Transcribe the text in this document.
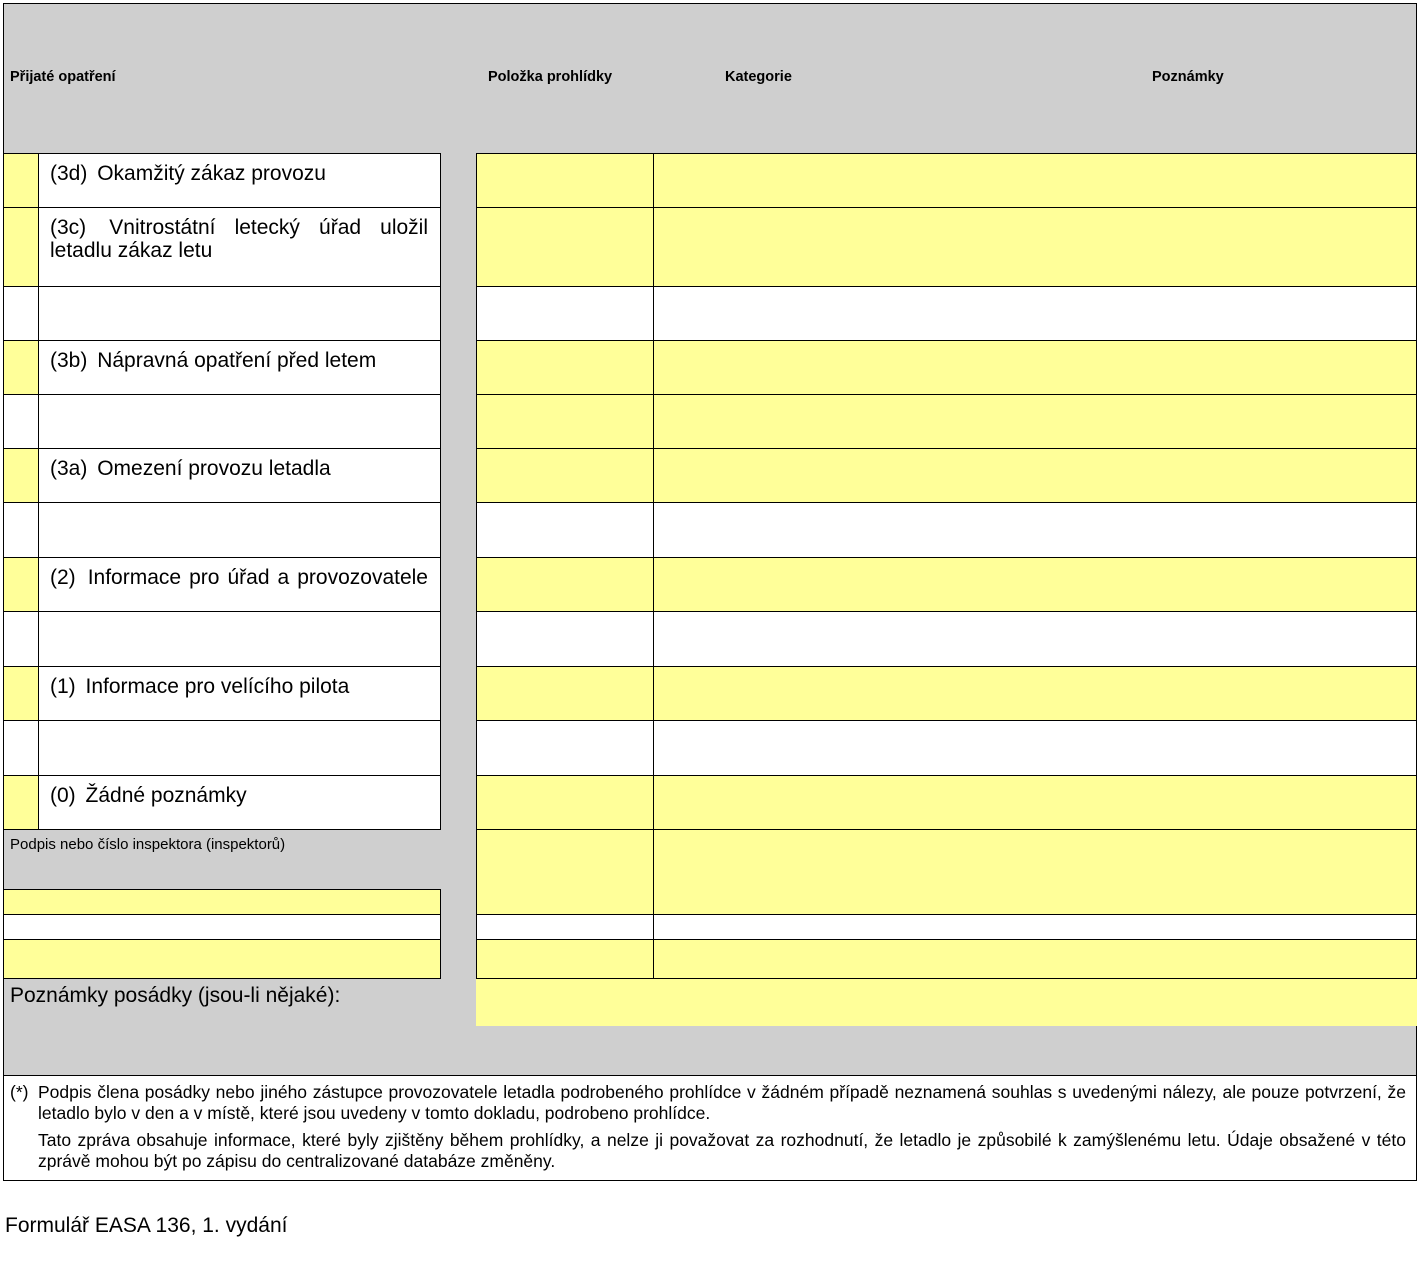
Přijaté opatření	Položka prohlídky	Kategorie	Poznámky
(3d) Okamžitý zákaz provozu
(3c) Vnitrostátní letecký úřad uložil letadlu zákaz letu
(3b) Nápravná opatření před letem
(3a) Omezení provozu letadla
(2) Informace pro úřad a provozovatele
(1) Informace pro velícího pilota
(0) Žádné poznámky
Podpis nebo číslo inspektora (inspektorů)
Poznámky posádky (jsou-li nějaké):
(*) Podpis člena posádky nebo jiného zástupce provozovatele letadla podrobeného prohlídce v žádném případě neznamená souhlas s uvedenými nálezy, ale pouze potvrzení, že letadlo bylo v den a v místě, které jsou uvedeny v tomto dokladu, podrobeno prohlídce.

Tato zpráva obsahuje informace, které byly zjištěny během prohlídky, a nelze ji považovat za rozhodnutí, že letadlo je způsobilé k zamýšlenému letu. Údaje obsažené v této zprávě mohou být po zápisu do centralizované databáze změněny.

Formulář EASA 136, 1. vydání
